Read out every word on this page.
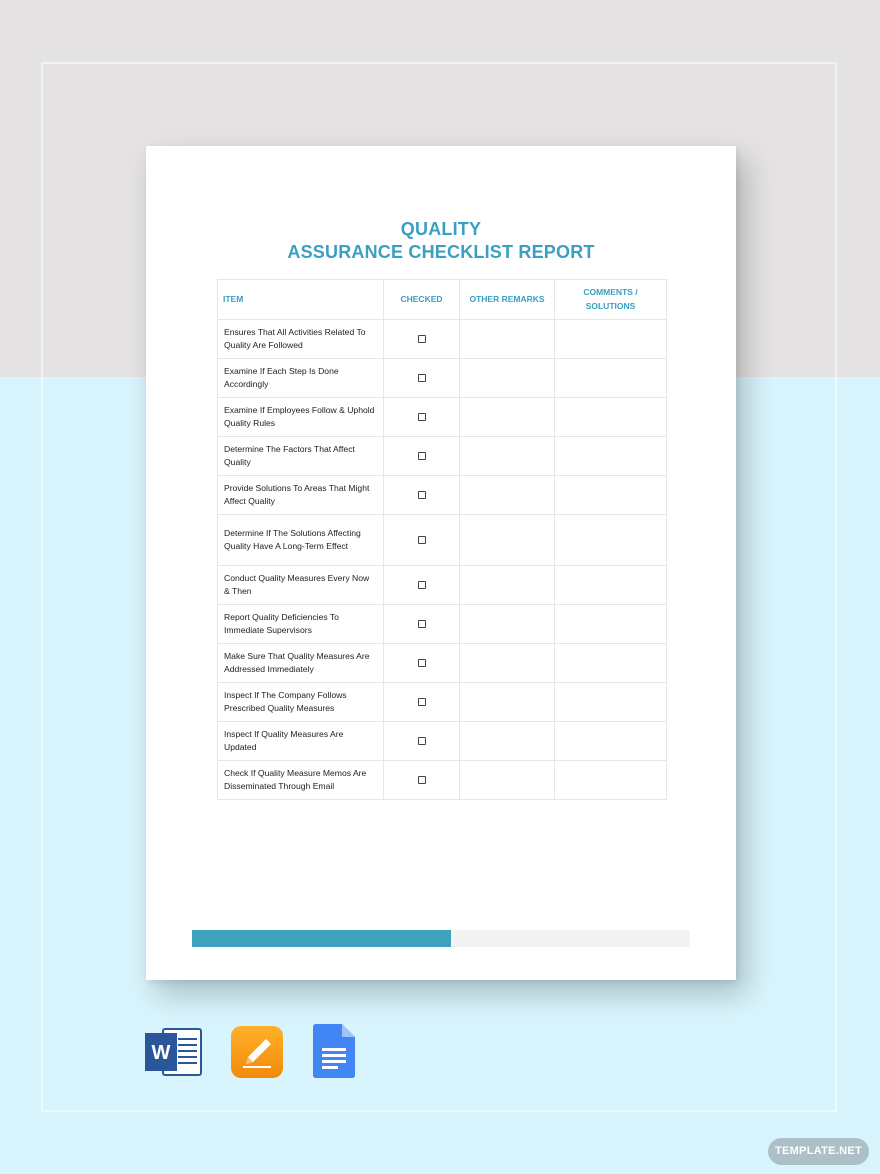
QUALITY
ASSURANCE CHECKLIST REPORT
ITEM	CHECKED	OTHER REMARKS	COMMENTS / SOLUTIONS
Ensures That All Activities Related To Quality Are Followed			
Examine If Each Step Is Done Accordingly			
Examine If Employees Follow & Uphold Quality Rules			
Determine The Factors That Affect Quality			
Provide Solutions To Areas That Might Affect Quality			
Determine If The Solutions Affecting Quality Have A Long-Term Effect			
Conduct Quality Measures Every Now & Then			
Report Quality Deficiencies To Immediate Supervisors			
Make Sure That Quality Measures Are Addressed Immediately			
Inspect If The Company Follows Prescribed Quality Measures			
Inspect If Quality Measures Are Updated			
Check If Quality Measure Memos Are Disseminated Through Email			
W
TEMPLATE.NET
